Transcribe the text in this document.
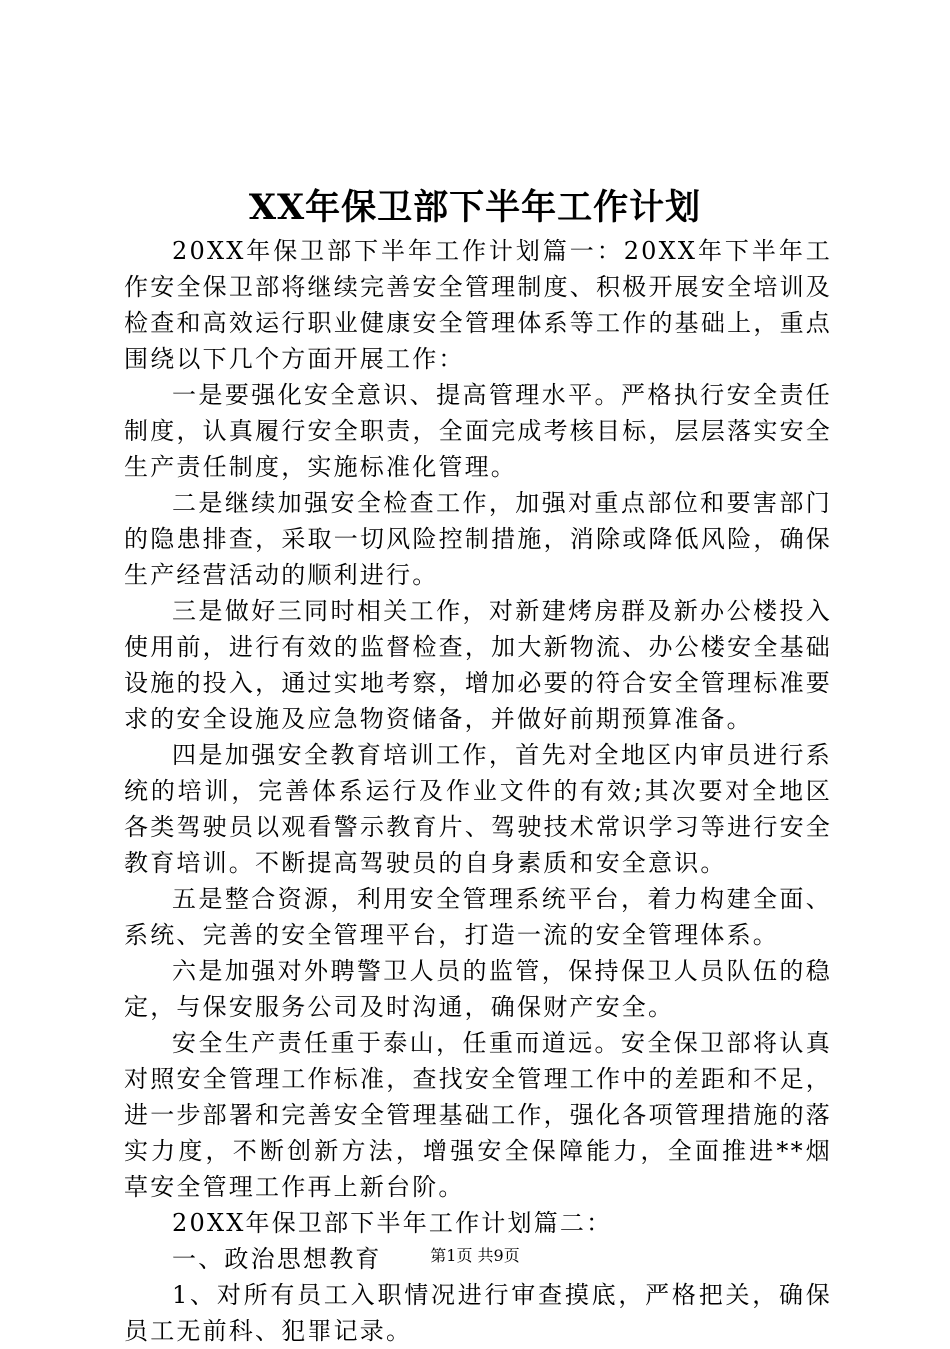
XX年保卫部下半年工作计划

20XX年保卫部下半年工作计划篇一：20XX年下半年工作安全保卫部将继续完善安全管理制度、积极开展安全培训及检查和高效运行职业健康安全管理体系等工作的基础上，重点围绕以下几个方面开展工作：

一是要强化安全意识、提高管理水平。严格执行安全责任制度，认真履行安全职责，全面完成考核目标，层层落实安全生产责任制度，实施标准化管理。

二是继续加强安全检查工作，加强对重点部位和要害部门的隐患排查，采取一切风险控制措施，消除或降低风险，确保生产经营活动的顺利进行。

三是做好三同时相关工作，对新建烤房群及新办公楼投入使用前，进行有效的监督检查，加大新物流、办公楼安全基础设施的投入，通过实地考察，增加必要的符合安全管理标准要求的安全设施及应急物资储备，并做好前期预算准备。

四是加强安全教育培训工作，首先对全地区内审员进行系统的培训，完善体系运行及作业文件的有效;其次要对全地区各类驾驶员以观看警示教育片、驾驶技术常识学习等进行安全教育培训。不断提高驾驶员的自身素质和安全意识。

五是整合资源，利用安全管理系统平台，着力构建全面、系统、完善的安全管理平台，打造一流的安全管理体系。

六是加强对外聘警卫人员的监管，保持保卫人员队伍的稳定，与保安服务公司及时沟通，确保财产安全。

安全生产责任重于泰山，任重而道远。安全保卫部将认真对照安全管理工作标准，查找安全管理工作中的差距和不足，进一步部署和完善安全管理基础工作，强化各项管理措施的落实力度，不断创新方法，增强安全保障能力，全面推进**烟草安全管理工作再上新台阶。

20XX年保卫部下半年工作计划篇二：

一、政治思想教育

1、对所有员工入职情况进行审查摸底，严格把关，确保员工无前科、犯罪记录。

第1页 共9页
